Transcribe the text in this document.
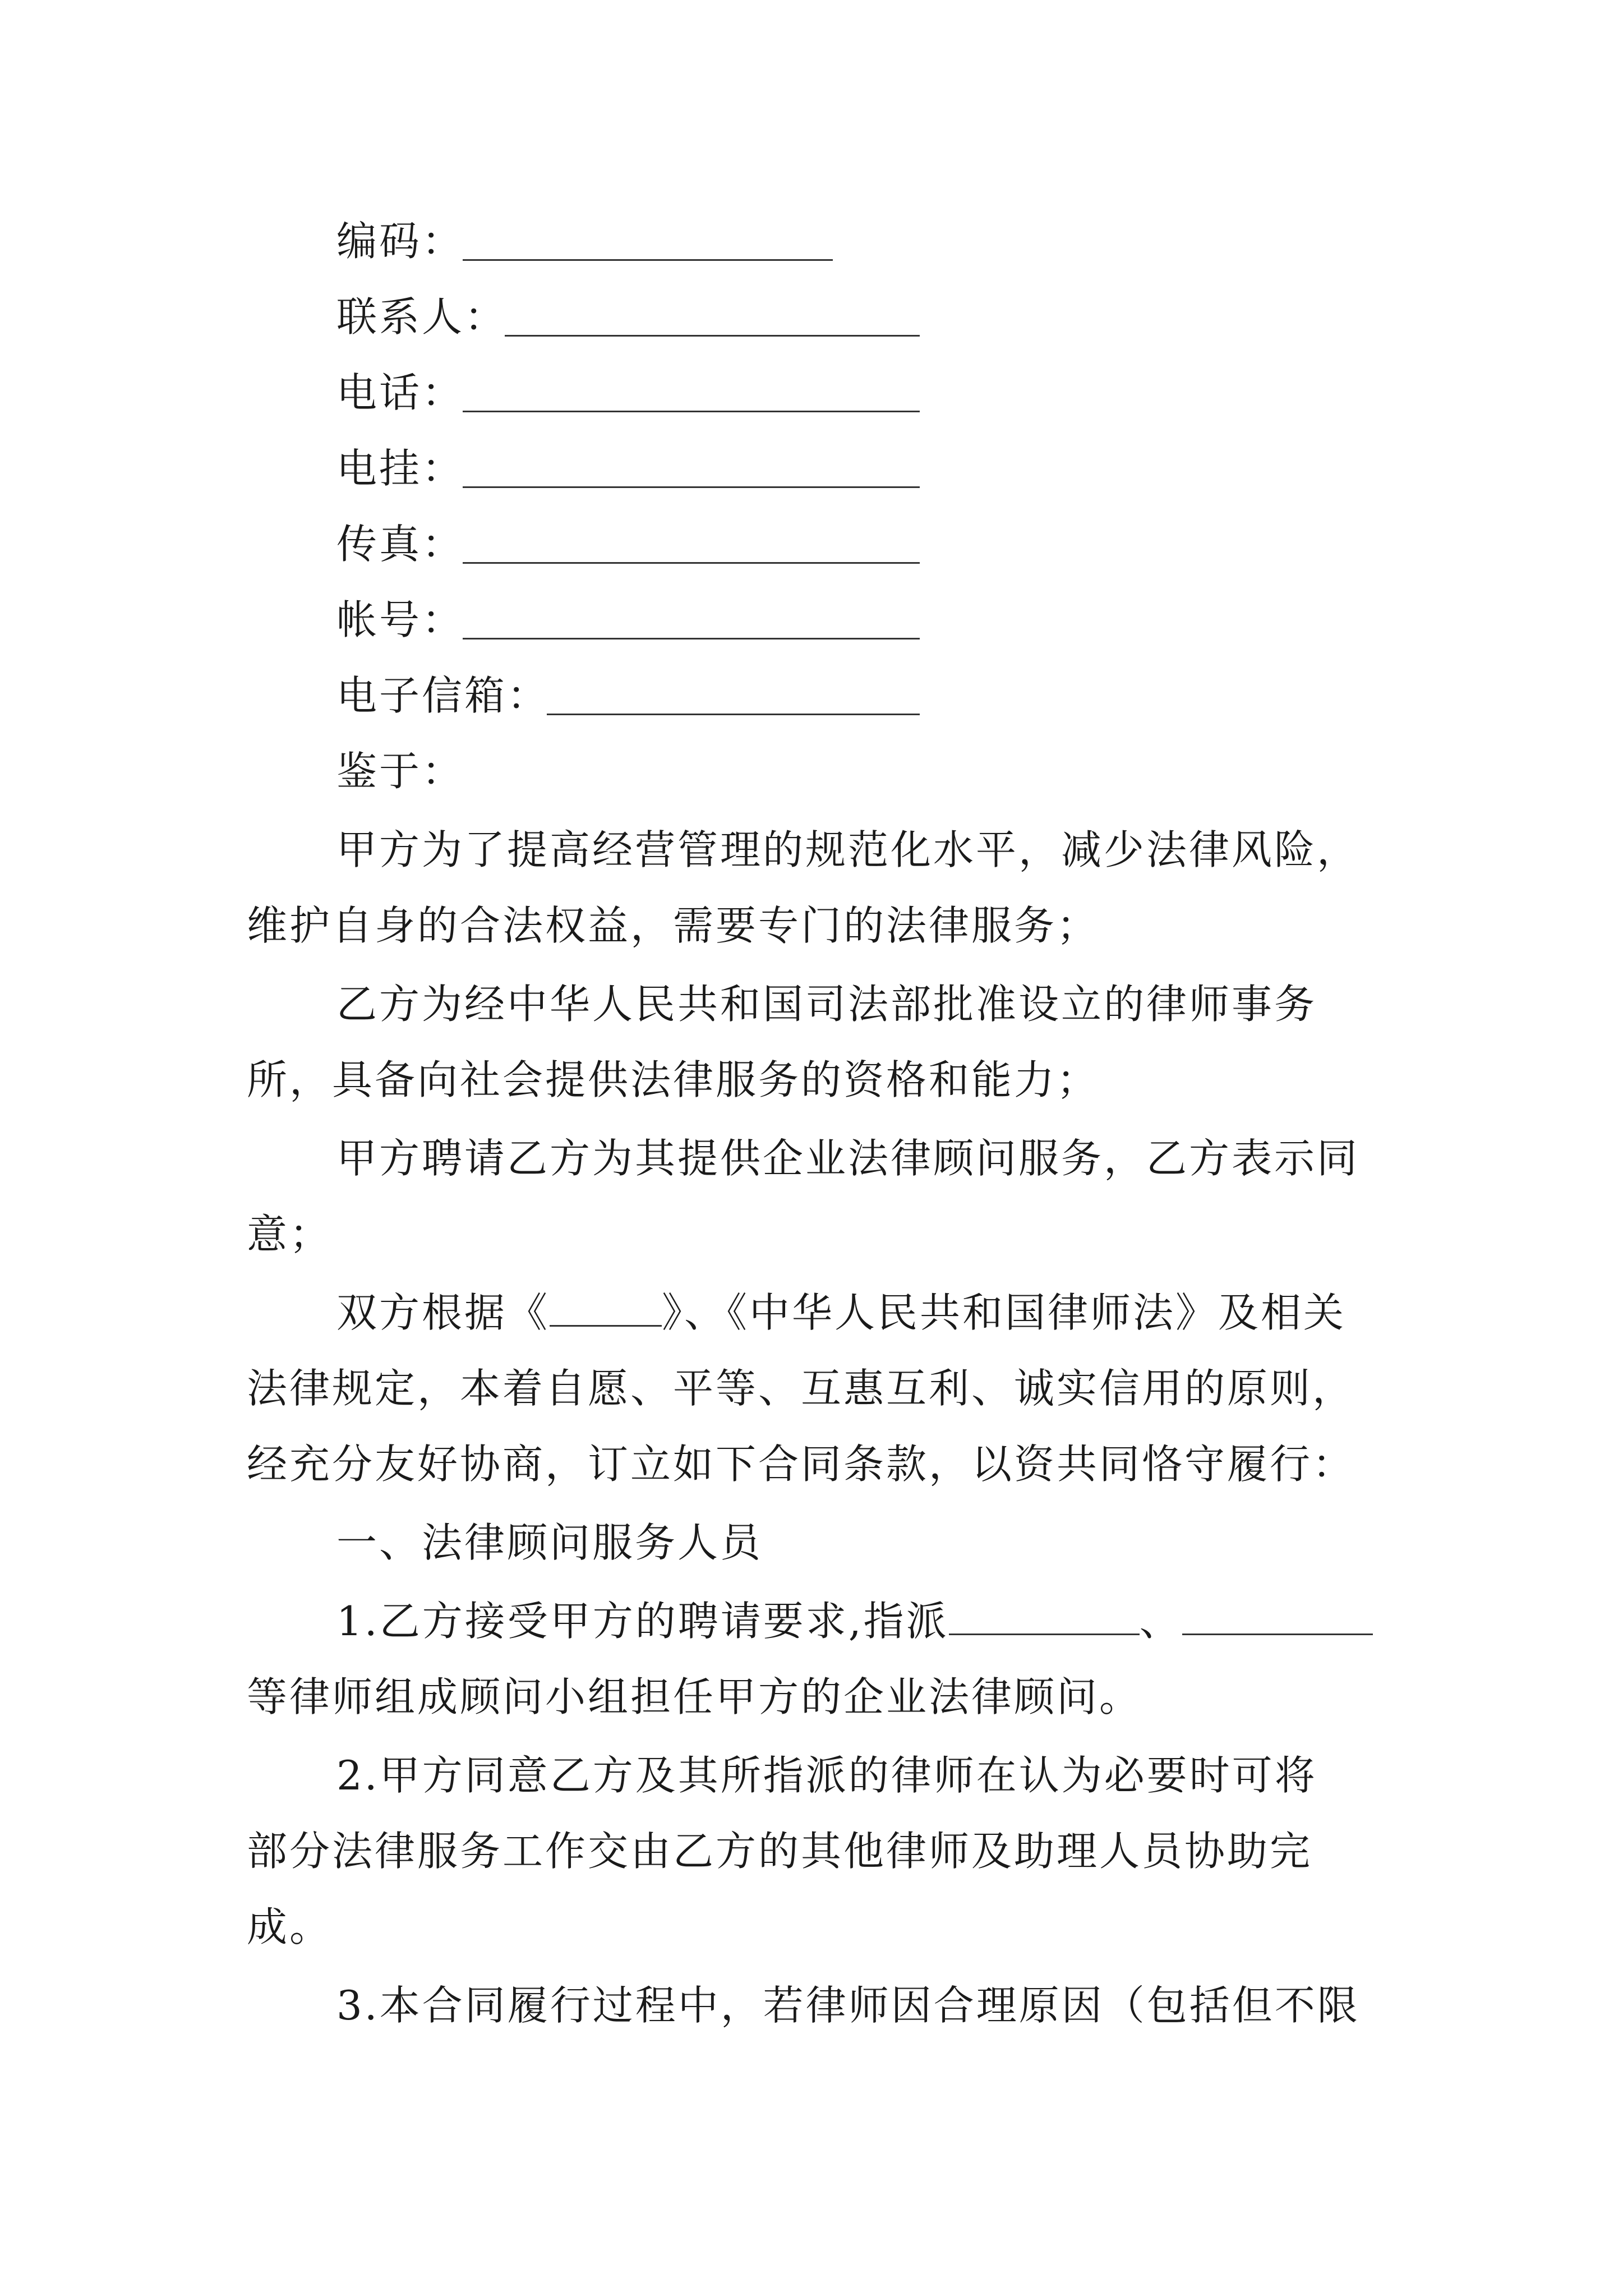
编码：
联系人：
电话：
电挂：
传真：
帐号：
电子信箱：
鉴于：
甲方为了提高经营管理的规范化水平，减少法律风险，
维护自身的合法权益，需要专门的法律服务；
乙方为经中华人民共和国司法部批准设立的律师事务
所，具备向社会提供法律服务的资格和能力；
甲方聘请乙方为其提供企业法律顾问服务，乙方表示同
意；
双方根据《	》、《中华人民共和国律师法》及相关
法律规定，本着自愿、平等、互惠互利、诚实信用的原则，
经充分友好协商，订立如下合同条款，以资共同恪守履行：
一、法律顾问服务人员
1.乙方接受甲方的聘请要求,指派	、
等律师组成顾问小组担任甲方的企业法律顾问。
2.甲方同意乙方及其所指派的律师在认为必要时可将
部分法律服务工作交由乙方的其他律师及助理人员协助完
成。
3.本合同履行过程中，若律师因合理原因（包括但不限
